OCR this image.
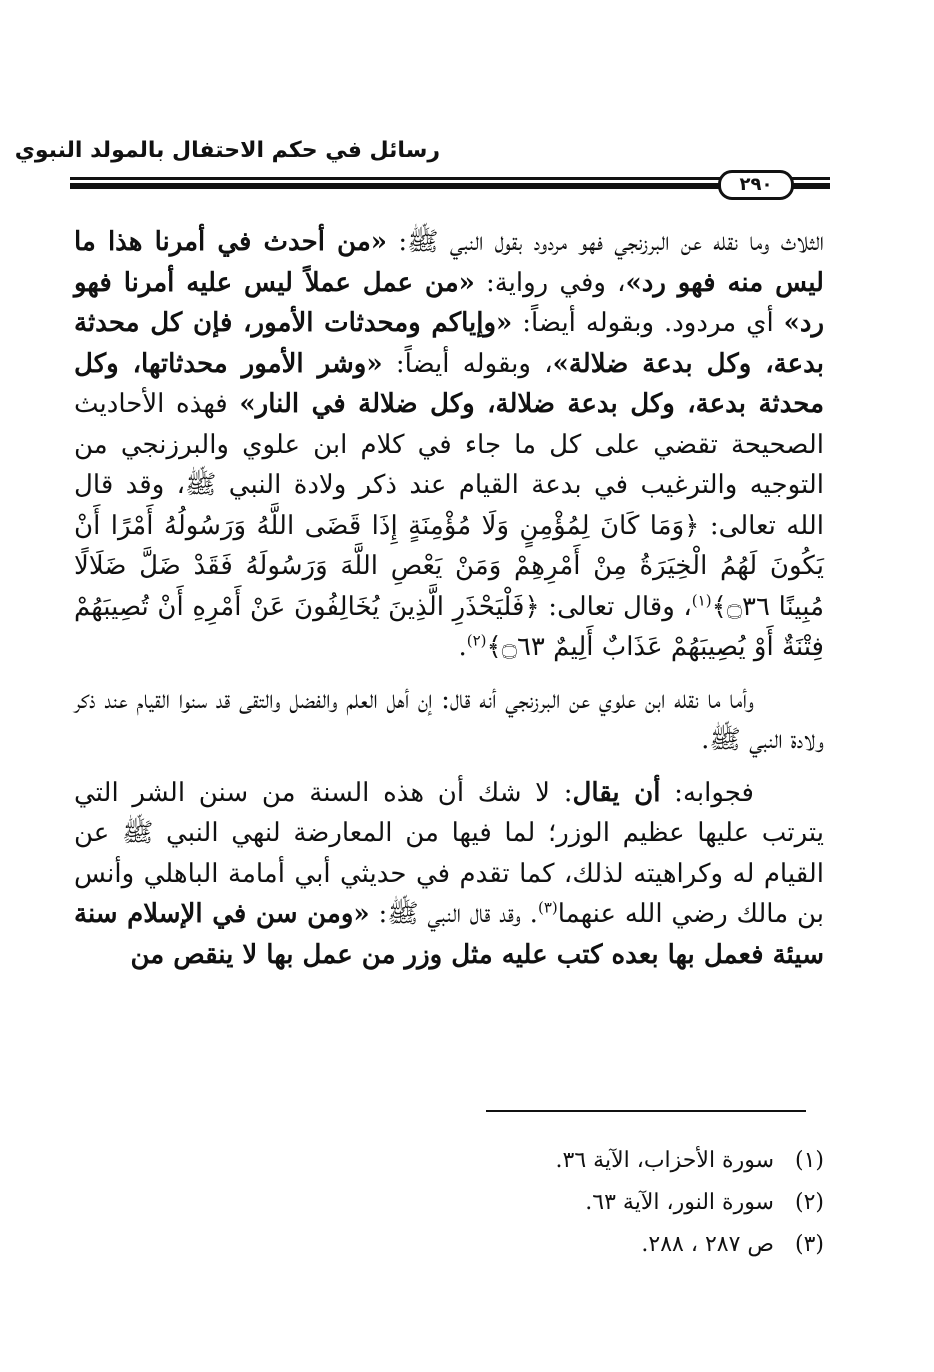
رسائل في حكم الاحتفال بالمولد النبوي
٢٩٠

الثلاث وما نقله عن البرزنجي فهو مردود بقول النبي ﷺ: «من أحدث في أمرنا هذا ما ليس منه فهو رد»، وفي رواية: «من عمل عملاً ليس عليه أمرنا فهو رد» أي مردود. وبقوله أيضاً: «وإياكم ومحدثات الأمور، فإن كل محدثة بدعة، وكل بدعة ضلالة»، وبقوله أيضاً: «وشر الأمور محدثاتها، وكل محدثة بدعة، وكل بدعة ضلالة، وكل ضلالة في النار» فهذه الأحاديث الصحيحة تقضي على كل ما جاء في كلام ابن علوي والبرزنجي من التوجيه والترغيب في بدعة القيام عند ذكر ولادة النبي ﷺ، وقد قال الله تعالى: ﴿وَمَا كَانَ لِمُؤْمِنٍ وَلَا مُؤْمِنَةٍ إِذَا قَضَى اللَّهُ وَرَسُولُهُ أَمْرًا أَنْ يَكُونَ لَهُمُ الْخِيَرَةُ مِنْ أَمْرِهِمْ وَمَنْ يَعْصِ اللَّهَ وَرَسُولَهُ فَقَدْ ضَلَّ ضَلَالًا مُبِينًا ۝٣٦﴾$^{(١)}$، وقال تعالى: ﴿فَلْيَحْذَرِ الَّذِينَ يُخَالِفُونَ عَنْ أَمْرِهِ أَنْ تُصِيبَهُمْ فِتْنَةٌ أَوْ يُصِيبَهُمْ عَذَابٌ أَلِيمٌ ۝٦٣﴾$^{(٢)}$.

وأما ما نقله ابن علوي عن البرزنجي أنه قال: إن أهل العلم والفضل والتقى قد سنوا القيام عند ذكر ولادة النبي ﷺ.

فجوابه: أن يقال: لا شك أن هذه السنة من سنن الشر التي يترتب عليها عظيم الوزر؛ لما فيها من المعارضة لنهي النبي ﷺ عن القيام له وكراهيته لذلك، كما تقدم في حديثي أبي أمامة الباهلي وأنس بن مالك رضي الله عنهما$^{(٣)}$. وقد قال النبي ﷺ: «ومن سن في الإسلام سنة سيئة فعمل بها بعده كتب عليه مثل وزر من عمل بها لا ينقص من

(١)
سورة الأحزاب، الآية ٣٦.
(٢)
سورة النور، الآية ٦٣.
(٣)
ص ٢٨٧ ، ٢٨٨.
